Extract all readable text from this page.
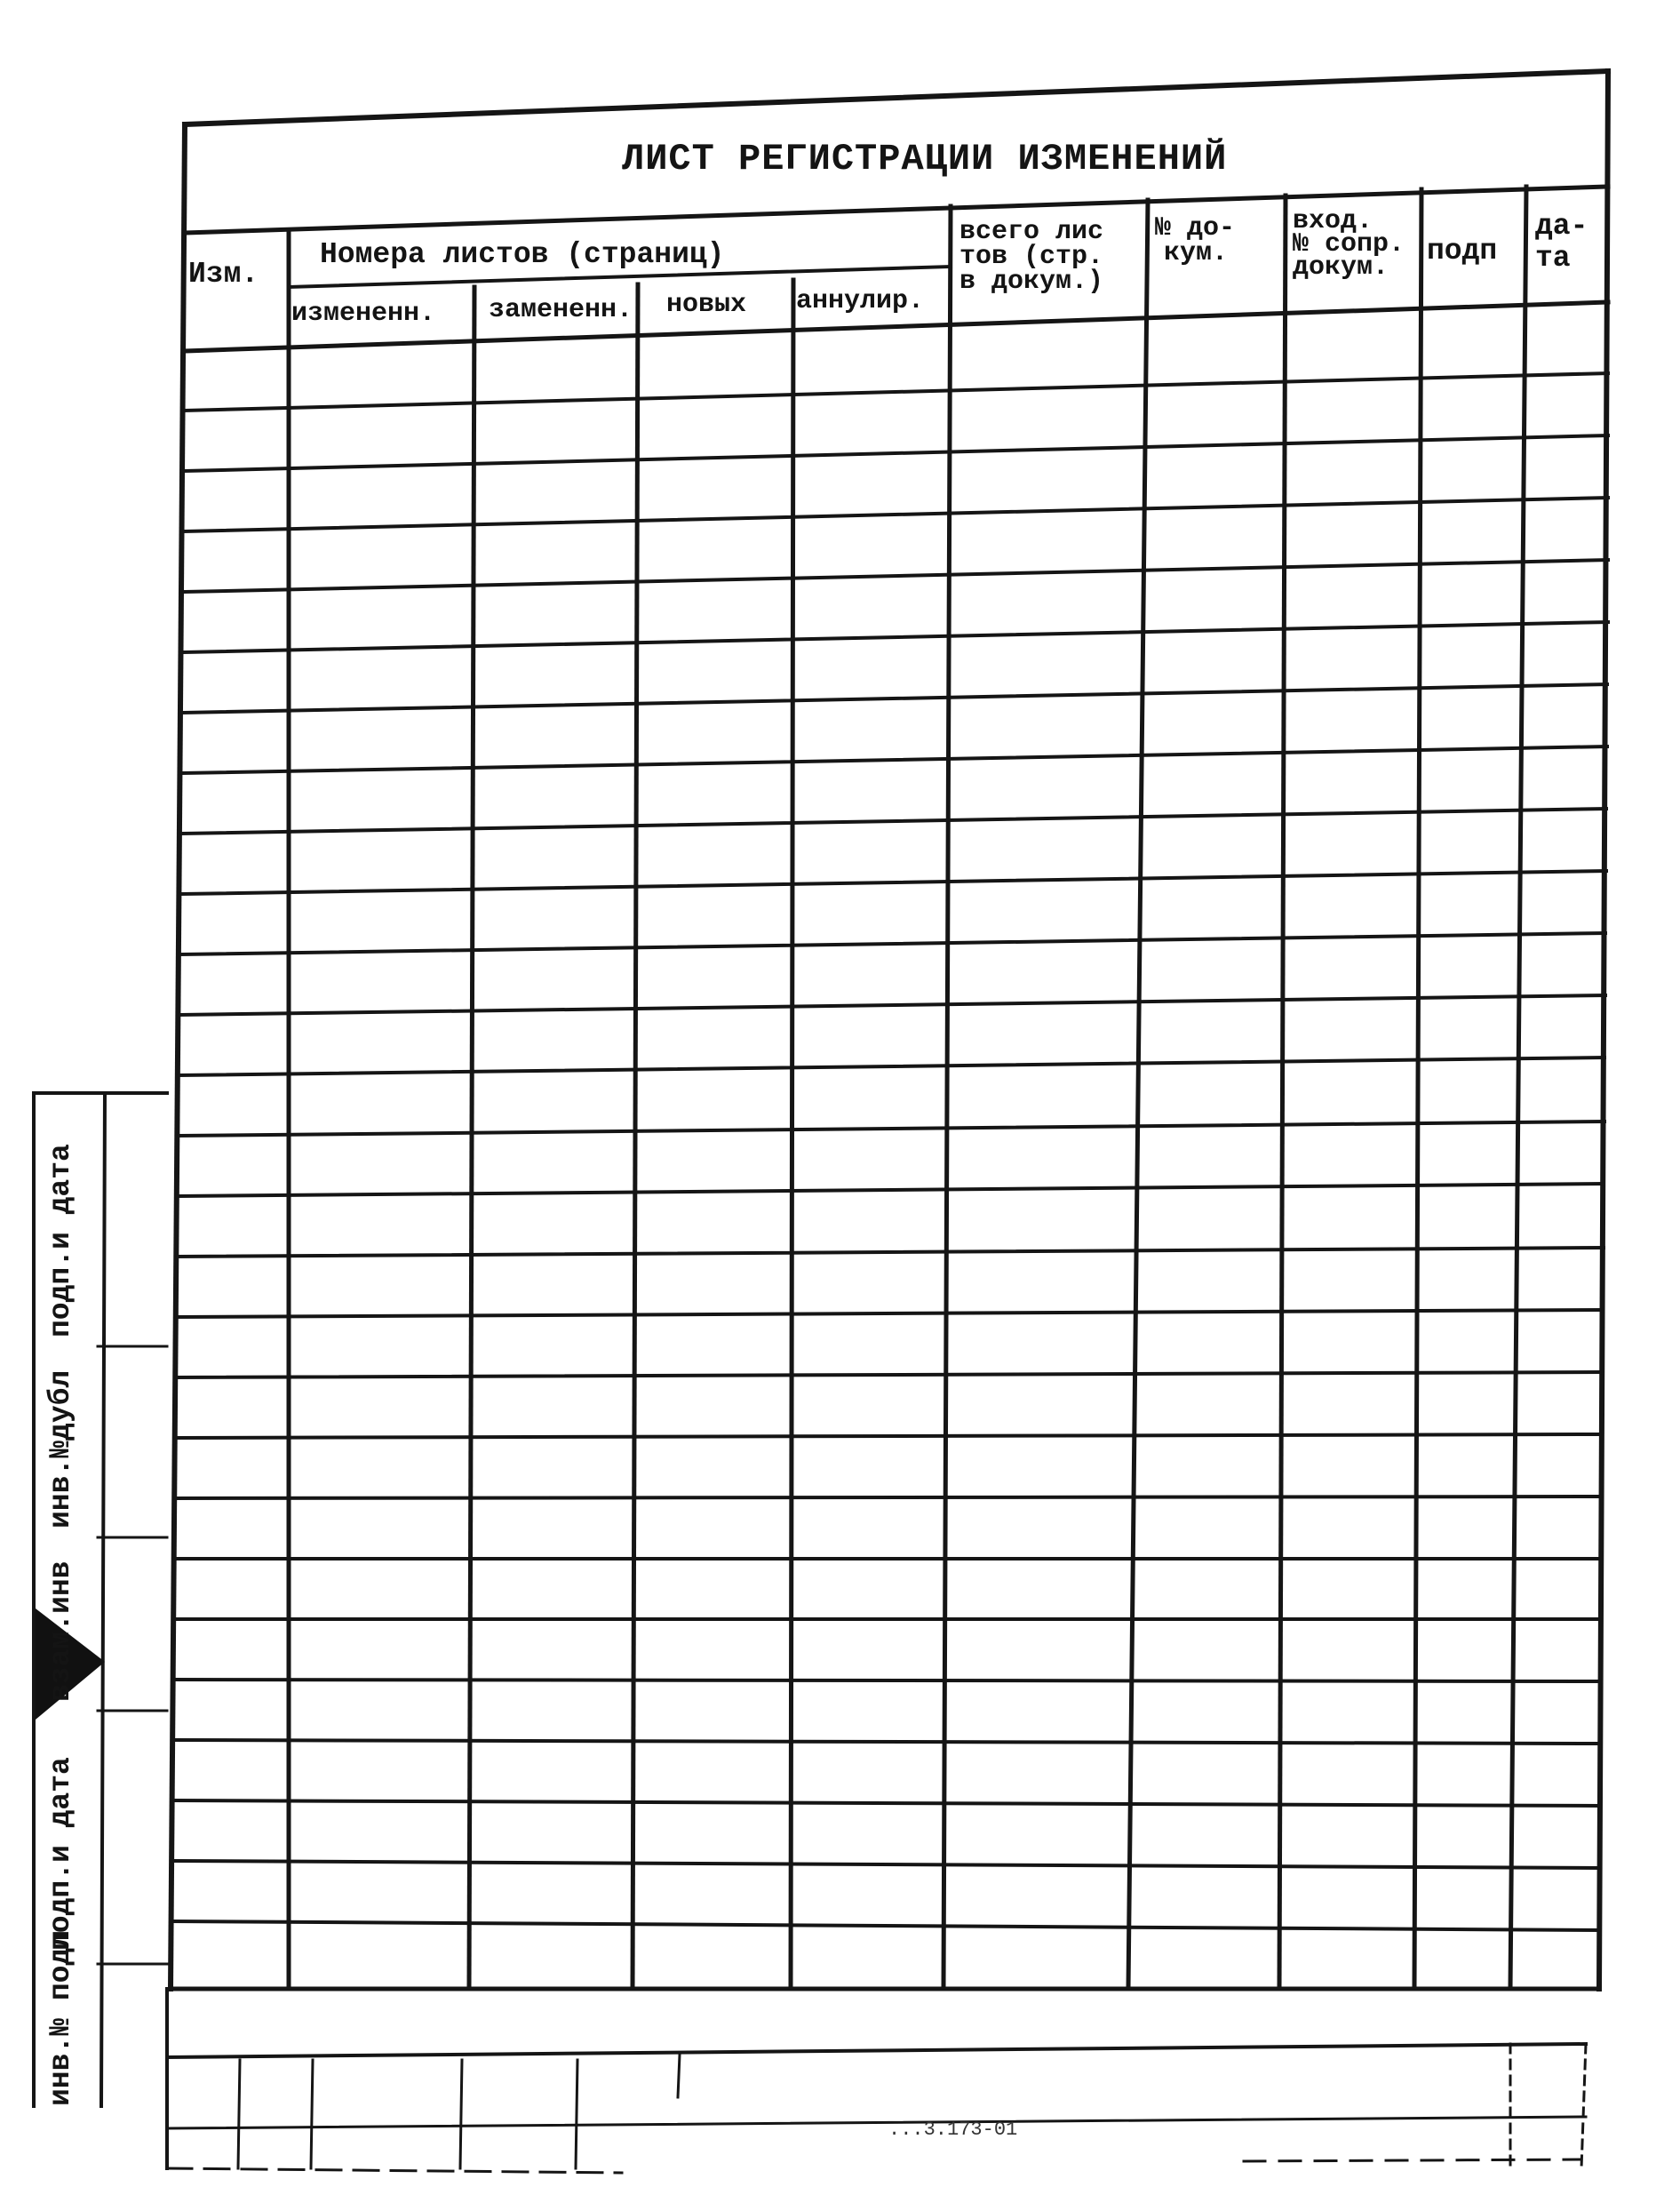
ЛИСТ РЕГИСТРАЦИИ ИЗМЕНЕНИЙ
Изм.
Номера листов (страниц)
измененн. замененн. новых аннулир.
всего лис
тов (стр.
в докум.)
№ до-
кум.
вход.
№ сопр.
докум. подп
да-
та
подп.и дата
инв.№дубл
взам.инв
подп.и дата
инв.№ подл
...3.173-01
